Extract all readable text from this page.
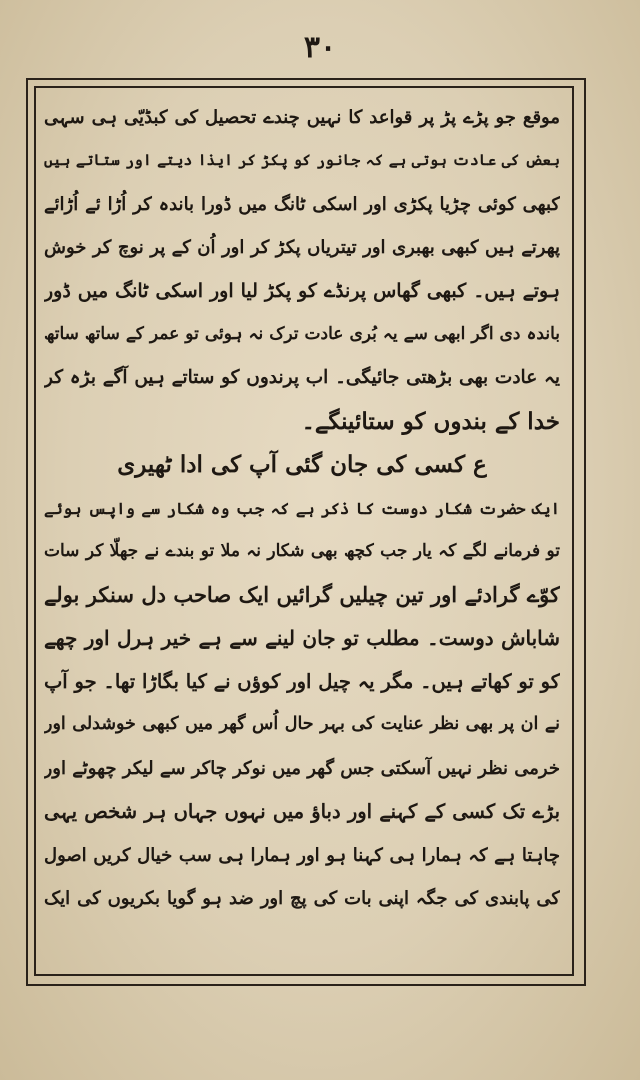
۳۰
موقع جو پڑے پڑ پر قواعد کا نہیں چندے تحصیل کی کبڈیّی ہی سہی
بعض کی عادت ہوتی ہے کہ جانور کو پکڑ کر ایذا دیتے اور ستاتے ہیں
کبھی کوئی چڑیا پکڑی اور اسکی ٹانگ میں ڈورا باندہ کر اُڑا ئے اُڑائے
پھرتے ہیں کبھی بھبری اور تیتریاں پکڑ کر اور اُن کے پر نوچ کر خوش
ہوتے ہیں۔ کبھی گھاس پرنڈے کو پکڑ لیا اور اسکی ٹانگ میں ڈور
باندہ دی اگر ابھی سے یہ بُری عادت ترک نہ ہوئی تو عمر کے ساتھ ساتھ
یہ عادت بھی بڑھتی جائیگی۔ اب پرندوں کو ستاتے ہیں آگے بڑہ کر
خدا کے بندوں کو ستائینگے۔
ع کسی کی جان گئی آپ کی ادا ٹھیری
ایک حضرت شکار دوست کا ذکر ہے کہ جب وہ شکار سے واپس ہوئے
تو فرمانے لگے کہ یار جب کچھ بھی شکار نہ ملا تو بندے نے جھلّا کر سات
کوّے گرادئے اور تین چیلیں گرائیں ایک صاحب دل سنکر بولے
شاباش دوست۔ مطلب تو جان لینے سے ہے خیر ہرل اور چھے
کو تو کھاتے ہیں۔ مگر یہ چیل اور کوؤں نے کیا بگاڑا تھا۔ جو آپ
نے ان پر بھی نظر عنایت کی بہر حال اُس گھر میں کبھی خوشدلی اور
خرمی نظر نہیں آسکتی جس گھر میں نوکر چاکر سے لیکر چھوٹے اور
بڑے تک کسی کے کہنے اور دباؤ میں نہوں جہاں ہر شخص یہی
چاہتا ہے کہ ہمارا ہی کہنا ہو اور ہمارا ہی سب خیال کریں اصول
کی پابندی کی جگہ اپنی بات کی پچ اور ضد ہو گویا بکریوں کی ایک
